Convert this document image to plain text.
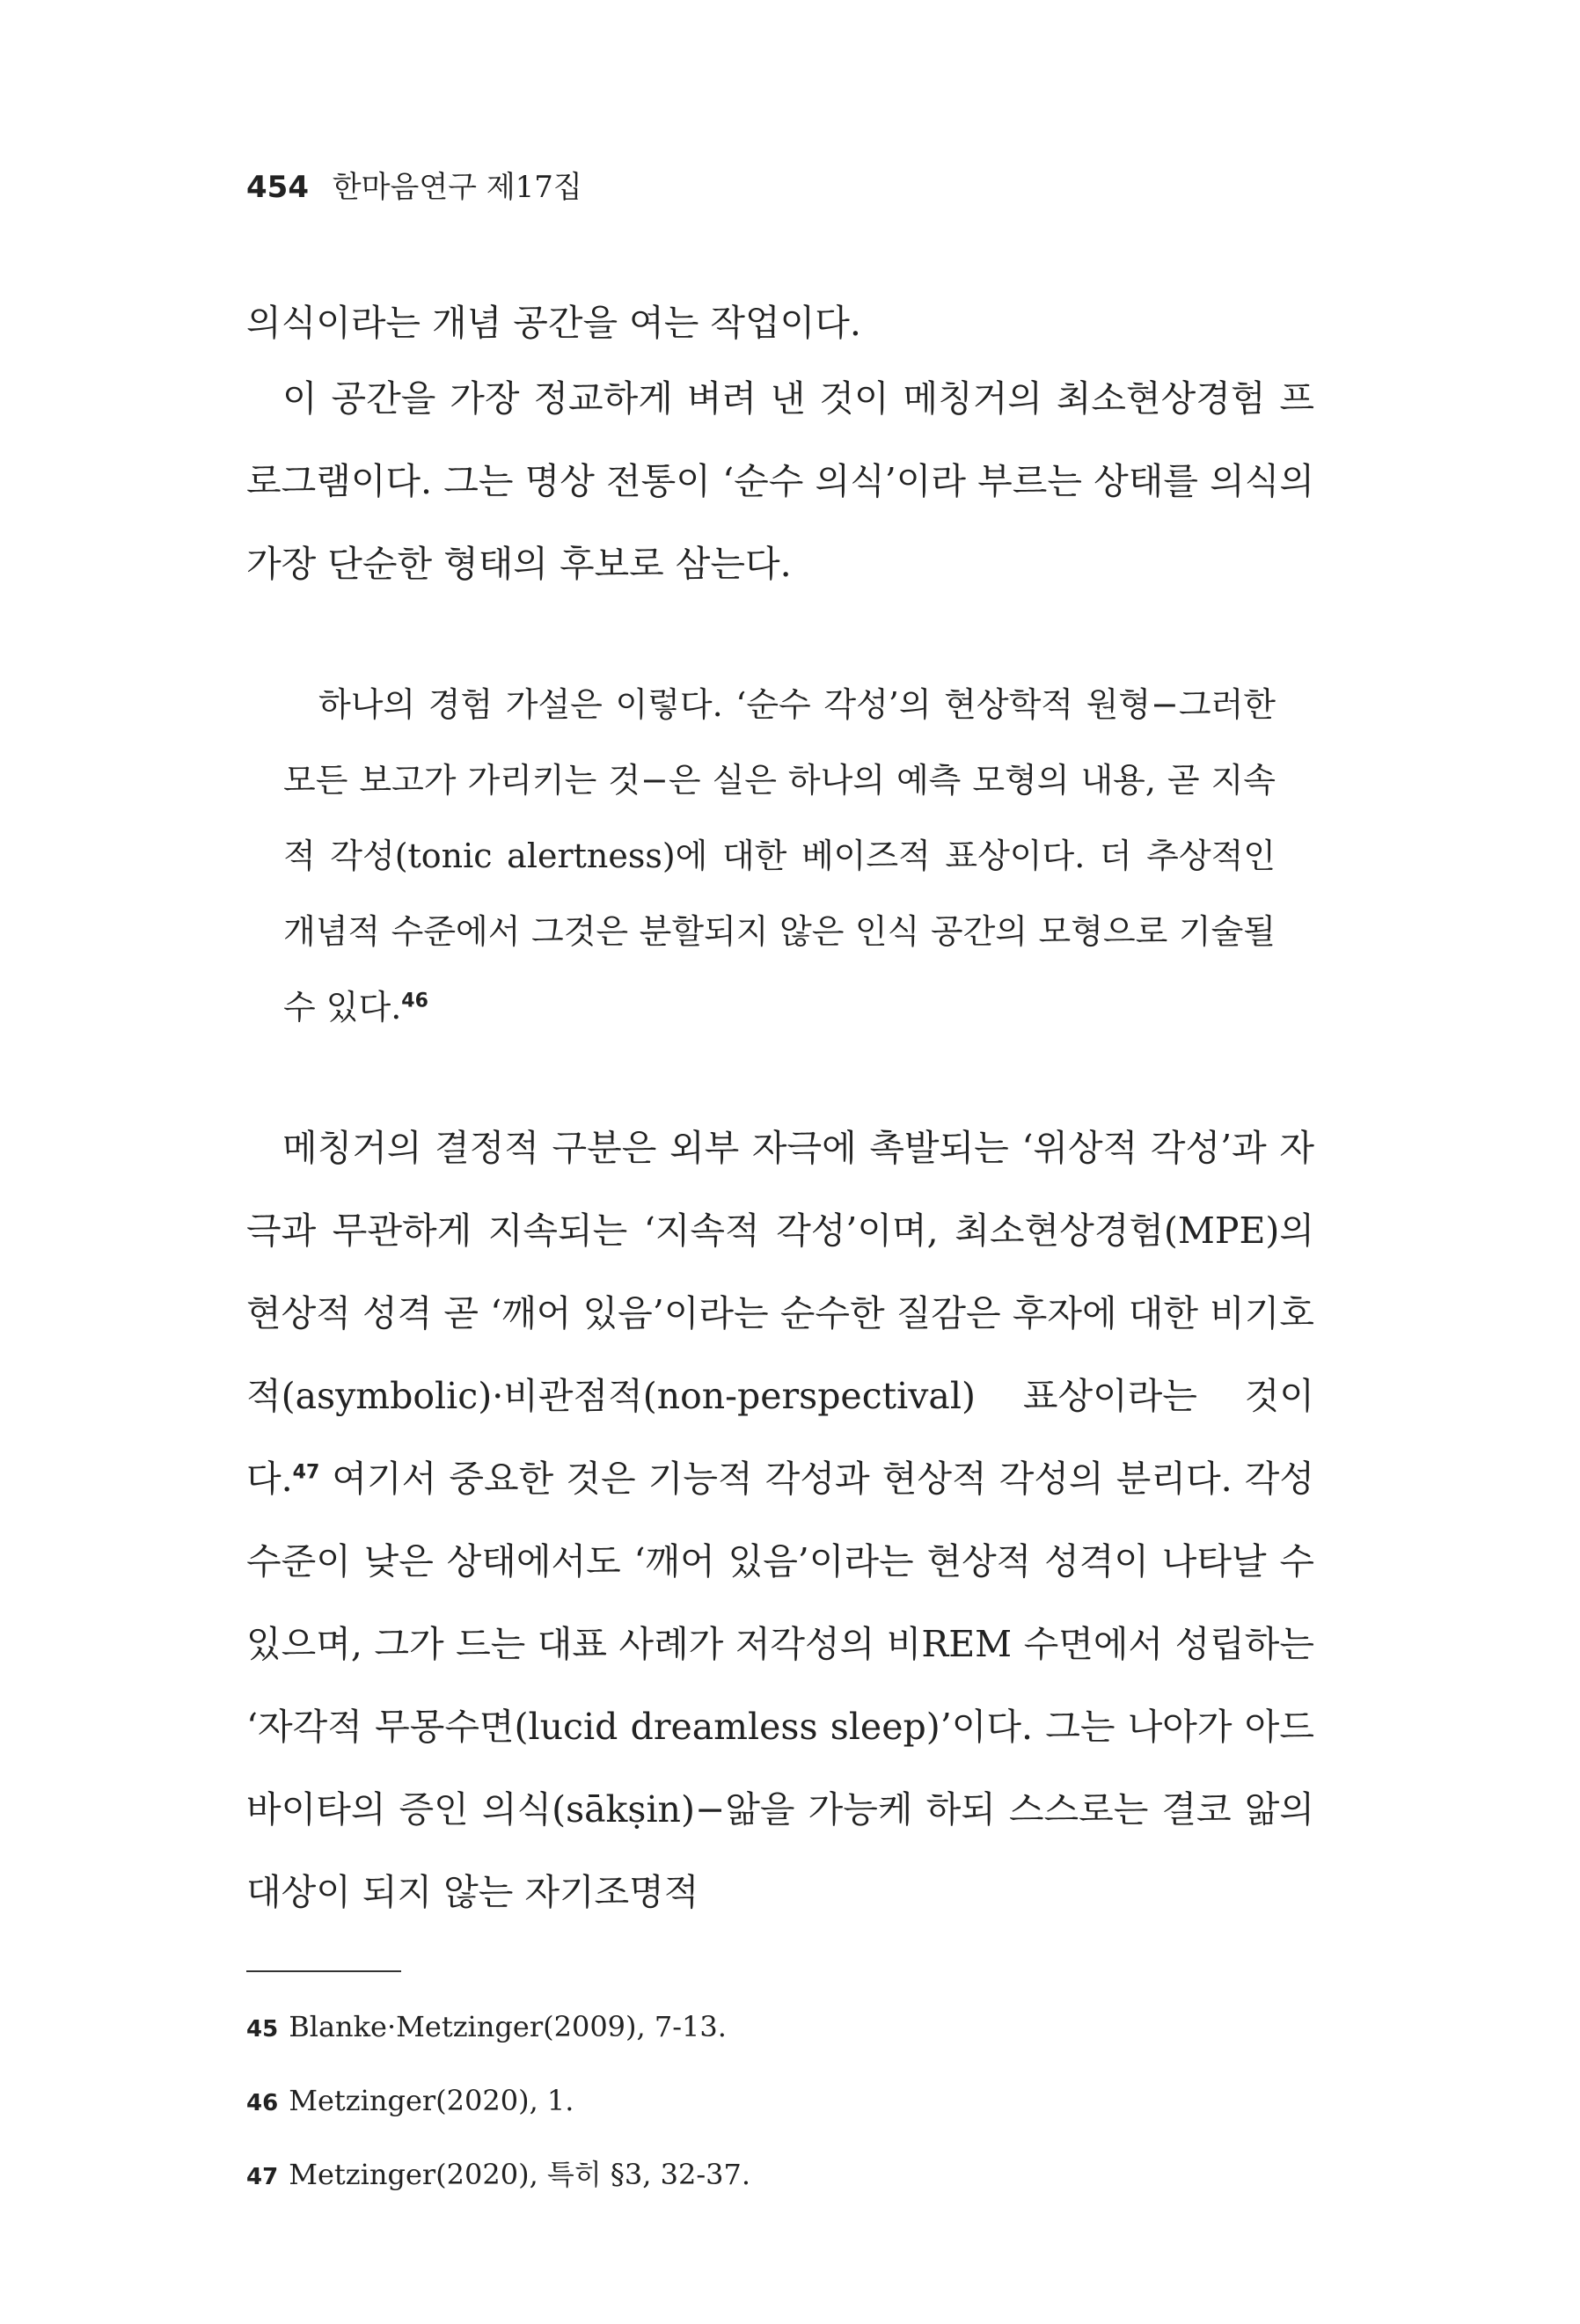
454 한마음연구 제17집

의식이라는 개념 공간을 여는 작업이다.

이 공간을 가장 정교하게 벼려 낸 것이 메칭거의 최소현상경험 프로그램이다. 그는 명상 전통이 ‘순수 의식’이라 부르는 상태를 의식의 가장 단순한 형태의 후보로 삼는다.

하나의 경험 가설은 이렇다. ‘순수 각성’의 현상학적 원형−그러한 모든 보고가 가리키는 것−은 실은 하나의 예측 모형의 내용, 곧 지속적 각성(tonic alertness)에 대한 베이즈적 표상이다. 더 추상적인 개념적 수준에서 그것은 분할되지 않은 인식 공간의 모형으로 기술될 수 있다.$^{46}$

메칭거의 결정적 구분은 외부 자극에 촉발되는 ‘위상적 각성’과 자극과 무관하게 지속되는 ‘지속적 각성’이며, 최소현상경험(MPE)의 현상적 성격 곧 ‘깨어 있음’이라는 순수한 질감은 후자에 대한 비기호적(asymbolic)·비관점적(non-perspectival) 표상이라는 것이다.$^{47}$ 여기서 중요한 것은 기능적 각성과 현상적 각성의 분리다. 각성 수준이 낮은 상태에서도 ‘깨어 있음’이라는 현상적 성격이 나타날 수 있으며, 그가 드는 대표 사례가 저각성의 비REM 수면에서 성립하는 ‘자각적 무몽수면(lucid dreamless sleep)’이다. 그는 나아가 아드바이타의 증인 의식(sākṣin)−앎을 가능케 하되 스스로는 결코 앎의 대상이 되지 않는 자기조명적

45 Blanke·Metzinger(2009), 7-13.
46 Metzinger(2020), 1.
47 Metzinger(2020), 특히 §3, 32-37.
